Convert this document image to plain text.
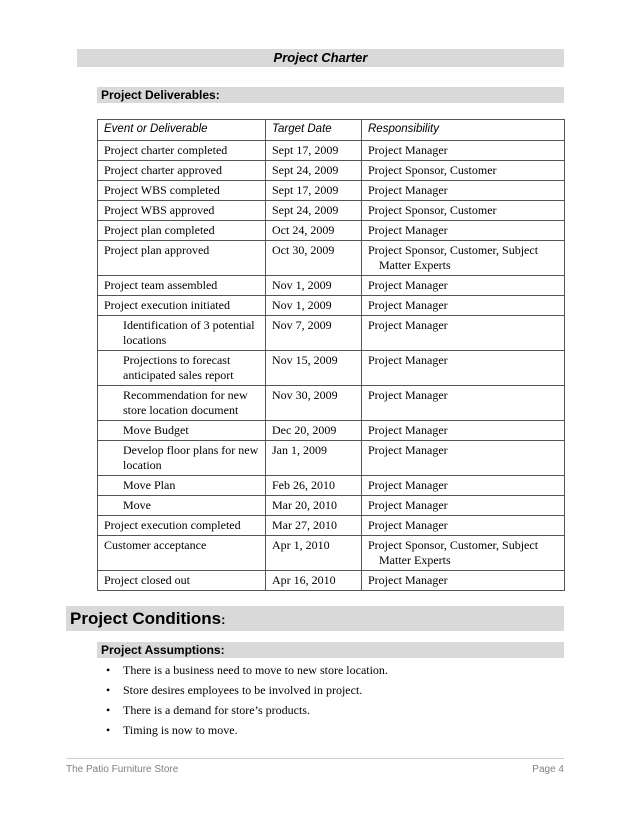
Project Charter
Project Deliverables:
Event or Deliverable	Target Date	Responsibility
Project charter completed	Sept 17, 2009	Project Manager

Project charter approved	Sept 24, 2009	Project Sponsor, Customer

Project WBS completed	Sept 17, 2009	Project Manager

Project WBS approved	Sept 24, 2009	Project Sponsor, Customer

Project plan completed	Oct 24, 2009	Project Manager

Project plan approved	Oct 30, 2009	Project Sponsor, Customer, Subject
Matter Experts

Project team assembled	Nov 1, 2009	Project Manager

Project execution initiated	Nov 1, 2009	Project Manager

Identification of 3 potential locations	Nov 7, 2009	Project Manager

Projections to forecast anticipated sales report	Nov 15, 2009	Project Manager

Recommendation for new store location document	Nov 30, 2009	Project Manager

Move Budget	Dec 20, 2009	Project Manager

Develop floor plans for new location	Jan 1, 2009	Project Manager

Move Plan	Feb 26, 2010	Project Manager

Move	Mar 20, 2010	Project Manager

Project execution completed	Mar 27, 2010	Project Manager

Customer acceptance	Apr 1, 2010	Project Sponsor, Customer, Subject
Matter Experts

Project closed out	Apr 16, 2010	Project Manager
Project Conditions:
Project Assumptions:
• There is a business need to move to new store location.
• Store desires employees to be involved in project.
• There is a demand for store’s products.
• Timing is now to move.
The Patio Furniture Store	Page 4
